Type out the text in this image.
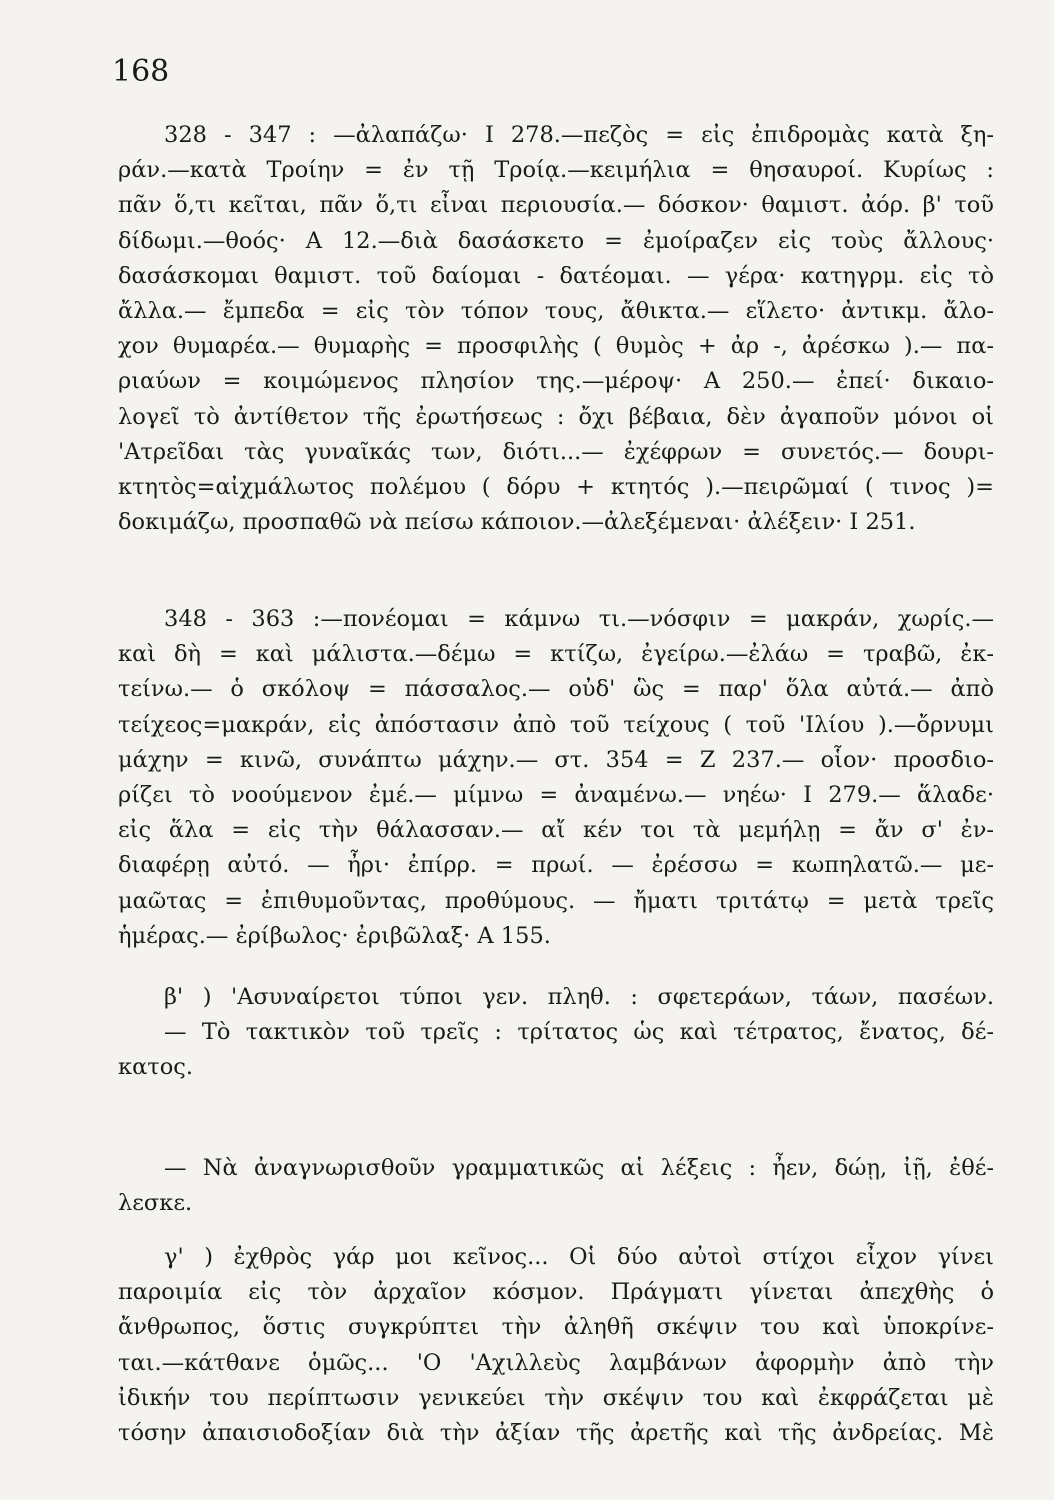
168
328 - 347 : —ἀλαπάζω· Ι 278.—πεζὸς = εἰς ἐπιδρομὰς κατὰ ξη-
ράν.—κατὰ Τροίην = ἐν τῇ Τροίᾳ.—κειμήλια = θησαυροί. Κυρίως :
πᾶν ὅ,τι κεῖται, πᾶν ὅ,τι εἶναι περιουσία.— δόσκον· θαμιστ. ἀόρ. β' τοῦ
δίδωμι.—θοός· Α 12.—διὰ δασάσκετο = ἐμοίραζεν εἰς τοὺς ἄλλους·
δασάσκομαι θαμιστ. τοῦ δαίομαι - δατέομαι. — γέρα· κατηγρμ. εἰς τὸ
ἄλλα.— ἔμπεδα = εἰς τὸν τόπον τους, ἄθικτα.— εἵλετο· ἀντικμ. ἄλο-
χον θυμαρέα.— θυμαρὴς = προσφιλὴς ( θυμὸς + ἀρ -, ἀρέσκω ).— πα-
ριαύων = κοιμώμενος πλησίον της.—μέροψ· Α 250.— ἐπεί· δικαιο-
λογεῖ τὸ ἀντίθετον τῆς ἐρωτήσεως : ὄχι βέβαια, δὲν ἀγαποῦν μόνοι οἱ
'Ατρεῖδαι τὰς γυναῖκάς των, διότι...— ἐχέφρων = συνετός.— δουρι-
κτητὸς=αἰχμάλωτος πολέμου ( δόρυ + κτητός ).—πειρῶμαί ( τινος )=
δοκιμάζω, προσπαθῶ νὰ πείσω κάποιον.—ἀλεξέμεναι· ἀλέξειν· Ι 251.
348 - 363 :—πονέομαι = κάμνω τι.—νόσφιν = μακράν, χωρίς.—
καὶ δὴ = καὶ μάλιστα.—δέμω = κτίζω, ἐγείρω.—ἐλάω = τραβῶ, ἐκ-
τείνω.— ὁ σκόλοψ = πάσσαλος.— οὐδ' ὣς = παρ' ὅλα αὐτά.— ἀπὸ
τείχεος=μακράν, εἰς ἀπόστασιν ἀπὸ τοῦ τείχους ( τοῦ 'Ιλίου ).—ὄρνυμι
μάχην = κινῶ, συνάπτω μάχην.— στ. 354 = Ζ 237.— οἷον· προσδιο-
ρίζει τὸ νοούμενον ἐμέ.— μίμνω = ἀναμένω.— νηέω· Ι 279.— ἅλαδε·
εἰς ἅλα = εἰς τὴν θάλασσαν.— αἴ κέν τοι τὰ μεμήλῃ = ἄν σ' ἐν-
διαφέρῃ αὐτό. — ἦρι· ἐπίρρ. = πρωί. — ἐρέσσω = κωπηλατῶ.— με-
μαῶτας = ἐπιθυμοῦντας, προθύμους. — ἤματι τριτάτῳ = μετὰ τρεῖς
ἡμέρας.— ἐρίβωλος· ἐριβῶλαξ· Α 155.
β' ) 'Ασυναίρετοι τύποι γεν. πληθ. : σφετεράων, τάων, πασέων.
— Τὸ τακτικὸν τοῦ τρεῖς : τρίτατος ὡς καὶ τέτρατος, ἔνατος, δέ-
κατος.
— Νὰ ἀναγνωρισθοῦν γραμματικῶς αἱ λέξεις : ἦεν, δώῃ, ἰῇ, ἐθέ-
λεσκε.
γ' ) ἐχθρὸς γάρ μοι κεῖνος... Οἱ δύο αὐτοὶ στίχοι εἶχον γίνει
παροιμία εἰς τὸν ἀρχαῖον κόσμον. Πράγματι γίνεται ἀπεχθὴς ὁ
ἄνθρωπος, ὅστις συγκρύπτει τὴν ἀληθῆ σκέψιν του καὶ ὑποκρίνε-
ται.—κάτθανε ὁμῶς... 'Ο 'Αχιλλεὺς λαμβάνων ἀφορμὴν ἀπὸ τὴν
ἰδικήν του περίπτωσιν γενικεύει τὴν σκέψιν του καὶ ἐκφράζεται μὲ
τόσην ἀπαισιοδοξίαν διὰ τὴν ἀξίαν τῆς ἀρετῆς καὶ τῆς ἀνδρείας. Μὲ
